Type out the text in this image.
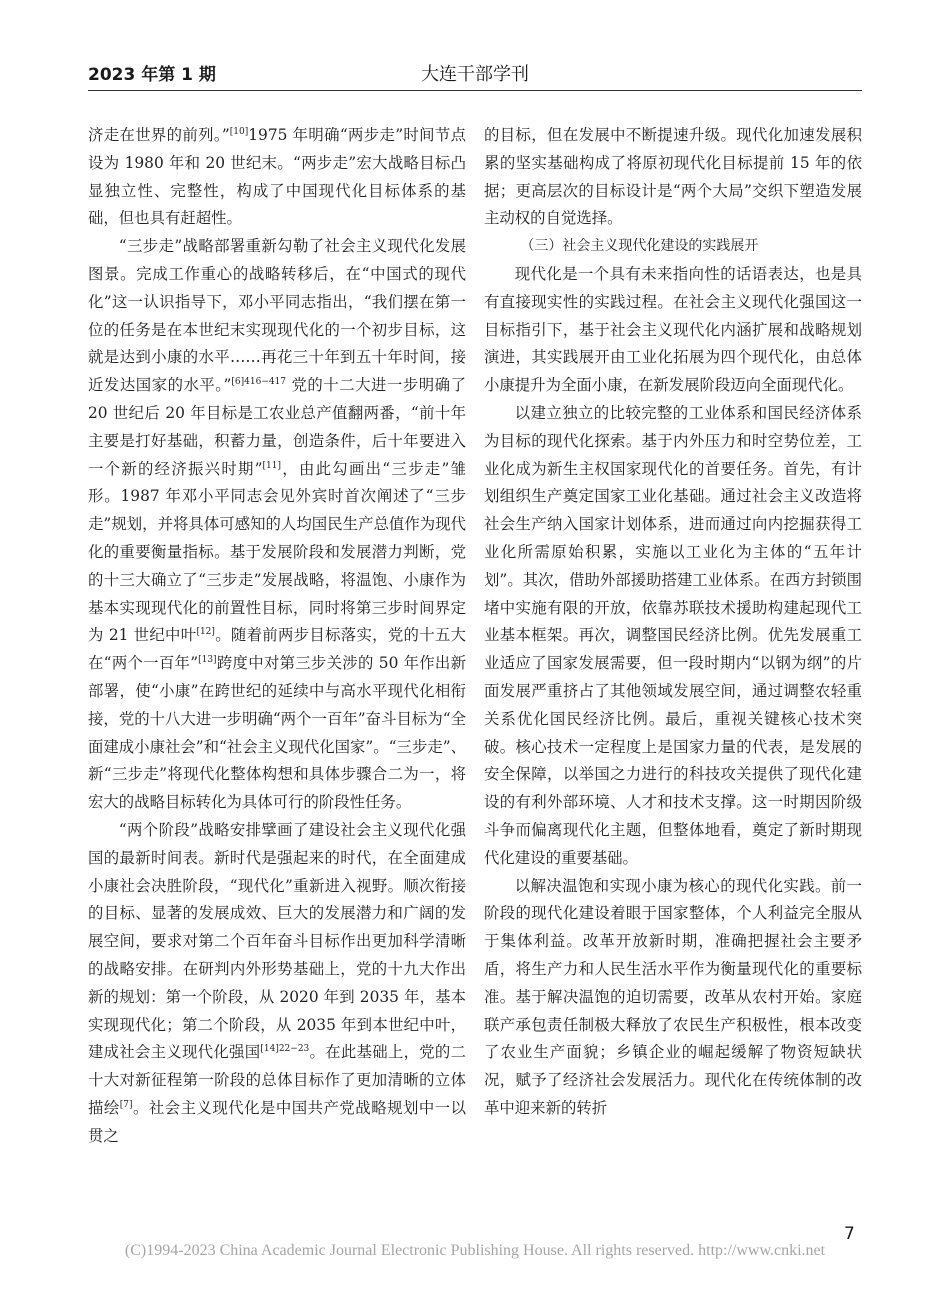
2023 年第 1 期	大连干部学刊

济走在世界的前列。”[10]1975 年明确“两步走”时间节点设为 1980 年和 20 世纪末。“两步走”宏大战略目标凸显独立性、完整性，构成了中国现代化目标体系的基础，但也具有赶超性。

“三步走”战略部署重新勾勒了社会主义现代化发展图景。完成工作重心的战略转移后，在“中国式的现代化”这一认识指导下，邓小平同志指出，“我们摆在第一位的任务是在本世纪末实现现代化的一个初步目标，这就是达到小康的水平……再花三十年到五十年时间，接近发达国家的水平。”$^{[6]416-417}$ 党的十二大进一步明确了 20 世纪后 20 年目标是工农业总产值翻两番，“前十年主要是打好基础，积蓄力量，创造条件，后十年要进入一个新的经济振兴时期”[11]，由此勾画出“三步走”雏形。1987 年邓小平同志会见外宾时首次阐述了“三步走”规划，并将具体可感知的人均国民生产总值作为现代化的重要衡量指标。基于发展阶段和发展潜力判断，党的十三大确立了“三步走”发展战略，将温饱、小康作为基本实现现代化的前置性目标，同时将第三步时间界定为 21 世纪中叶[12]。随着前两步目标落实，党的十五大在“两个一百年”[13]跨度中对第三步关涉的 50 年作出新部署，使“小康”在跨世纪的延续中与高水平现代化相衔接，党的十八大进一步明确“两个一百年”奋斗目标为“全面建成小康社会”和“社会主义现代化国家”。“三步走”、新“三步走”将现代化整体构想和具体步骤合二为一，将宏大的战略目标转化为具体可行的阶段性任务。

“两个阶段”战略安排擘画了建设社会主义现代化强国的最新时间表。新时代是强起来的时代，在全面建成小康社会决胜阶段，“现代化”重新进入视野。顺次衔接的目标、显著的发展成效、巨大的发展潜力和广阔的发展空间，要求对第二个百年奋斗目标作出更加科学清晰的战略安排。在研判内外形势基础上，党的十九大作出新的规划：第一个阶段，从 2020 年到 2035 年，基本实现现代化；第二个阶段，从 2035 年到本世纪中叶，建成社会主义现代化强国$^{[14]22-23}$。在此基础上，党的二十大对新征程第一阶段的总体目标作了更加清晰的立体描绘[7]。社会主义现代化是中国共产党战略规划中一以贯之

的目标，但在发展中不断提速升级。现代化加速发展积累的坚实基础构成了将原初现代化目标提前 15 年的依据；更高层次的目标设计是“两个大局”交织下塑造发展主动权的自觉选择。

（三）社会主义现代化建设的实践展开

现代化是一个具有未来指向性的话语表达，也是具有直接现实性的实践过程。在社会主义现代化强国这一目标指引下，基于社会主义现代化内涵扩展和战略规划演进，其实践展开由工业化拓展为四个现代化，由总体小康提升为全面小康，在新发展阶段迈向全面现代化。

以建立独立的比较完整的工业体系和国民经济体系为目标的现代化探索。基于内外压力和时空势位差，工业化成为新生主权国家现代化的首要任务。首先，有计划组织生产奠定国家工业化基础。通过社会主义改造将社会生产纳入国家计划体系，进而通过向内挖掘获得工业化所需原始积累，实施以工业化为主体的“五年计划”。其次，借助外部援助搭建工业体系。在西方封锁围堵中实施有限的开放，依靠苏联技术援助构建起现代工业基本框架。再次，调整国民经济比例。优先发展重工业适应了国家发展需要，但一段时期内“以钢为纲”的片面发展严重挤占了其他领域发展空间，通过调整农轻重关系优化国民经济比例。最后，重视关键核心技术突破。核心技术一定程度上是国家力量的代表，是发展的安全保障，以举国之力进行的科技攻关提供了现代化建设的有利外部环境、人才和技术支撑。这一时期因阶级斗争而偏离现代化主题，但整体地看，奠定了新时期现代化建设的重要基础。

以解决温饱和实现小康为核心的现代化实践。前一阶段的现代化建设着眼于国家整体，个人利益完全服从于集体利益。改革开放新时期，准确把握社会主要矛盾，将生产力和人民生活水平作为衡量现代化的重要标准。基于解决温饱的迫切需要，改革从农村开始。家庭联产承包责任制极大释放了农民生产积极性，根本改变了农业生产面貌；乡镇企业的崛起缓解了物资短缺状况，赋予了经济社会发展活力。现代化在传统体制的改革中迎来新的转折

7
(C)1994-2023 China Academic Journal Electronic Publishing House. All rights reserved. http://www.cnki.net
